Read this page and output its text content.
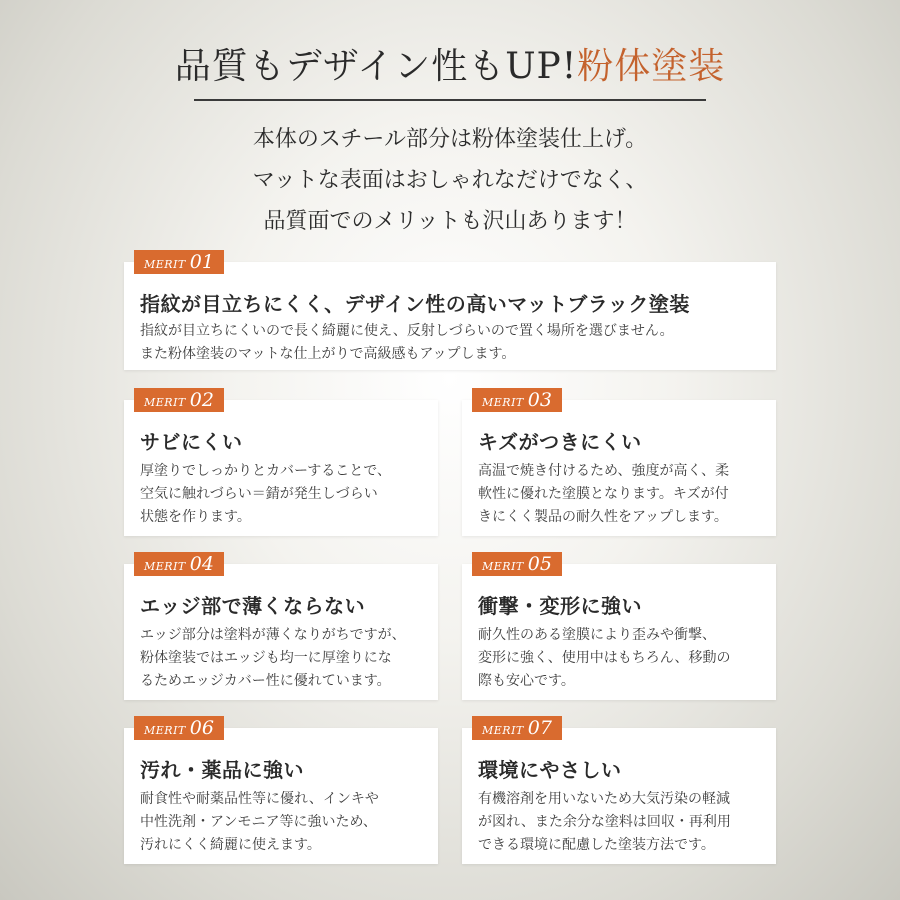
品質もデザイン性もUP!粉体塗装
本体のスチール部分は粉体塗装仕上げ。
マットな表面はおしゃれなだけでなく、
品質面でのメリットも沢山あります！
MERIT 01
指紋が目立ちにくく、デザイン性の高いマットブラック塗装
指紋が目立ちにくいので長く綺麗に使え、反射しづらいので置く場所を選びません。
また粉体塗装のマットな仕上がりで高級感もアップします。
MERIT 02
サビにくい
厚塗りでしっかりとカバーすることで、
空気に触れづらい＝錆が発生しづらい
状態を作ります。
MERIT 03
キズがつきにくい
高温で焼き付けるため、強度が高く、柔
軟性に優れた塗膜となります。キズが付
きにくく製品の耐久性をアップします。
MERIT 04
エッジ部で薄くならない
エッジ部分は塗料が薄くなりがちですが、
粉体塗装ではエッジも均一に厚塗りにな
るためエッジカバー性に優れています。
MERIT 05
衝撃・変形に強い
耐久性のある塗膜により歪みや衝撃、
変形に強く、使用中はもちろん、移動の
際も安心です。
MERIT 06
汚れ・薬品に強い
耐食性や耐薬品性等に優れ、インキや
中性洗剤・アンモニア等に強いため、
汚れにくく綺麗に使えます。
MERIT 07
環境にやさしい
有機溶剤を用いないため大気汚染の軽減
が図れ、また余分な塗料は回収・再利用
できる環境に配慮した塗装方法です。
